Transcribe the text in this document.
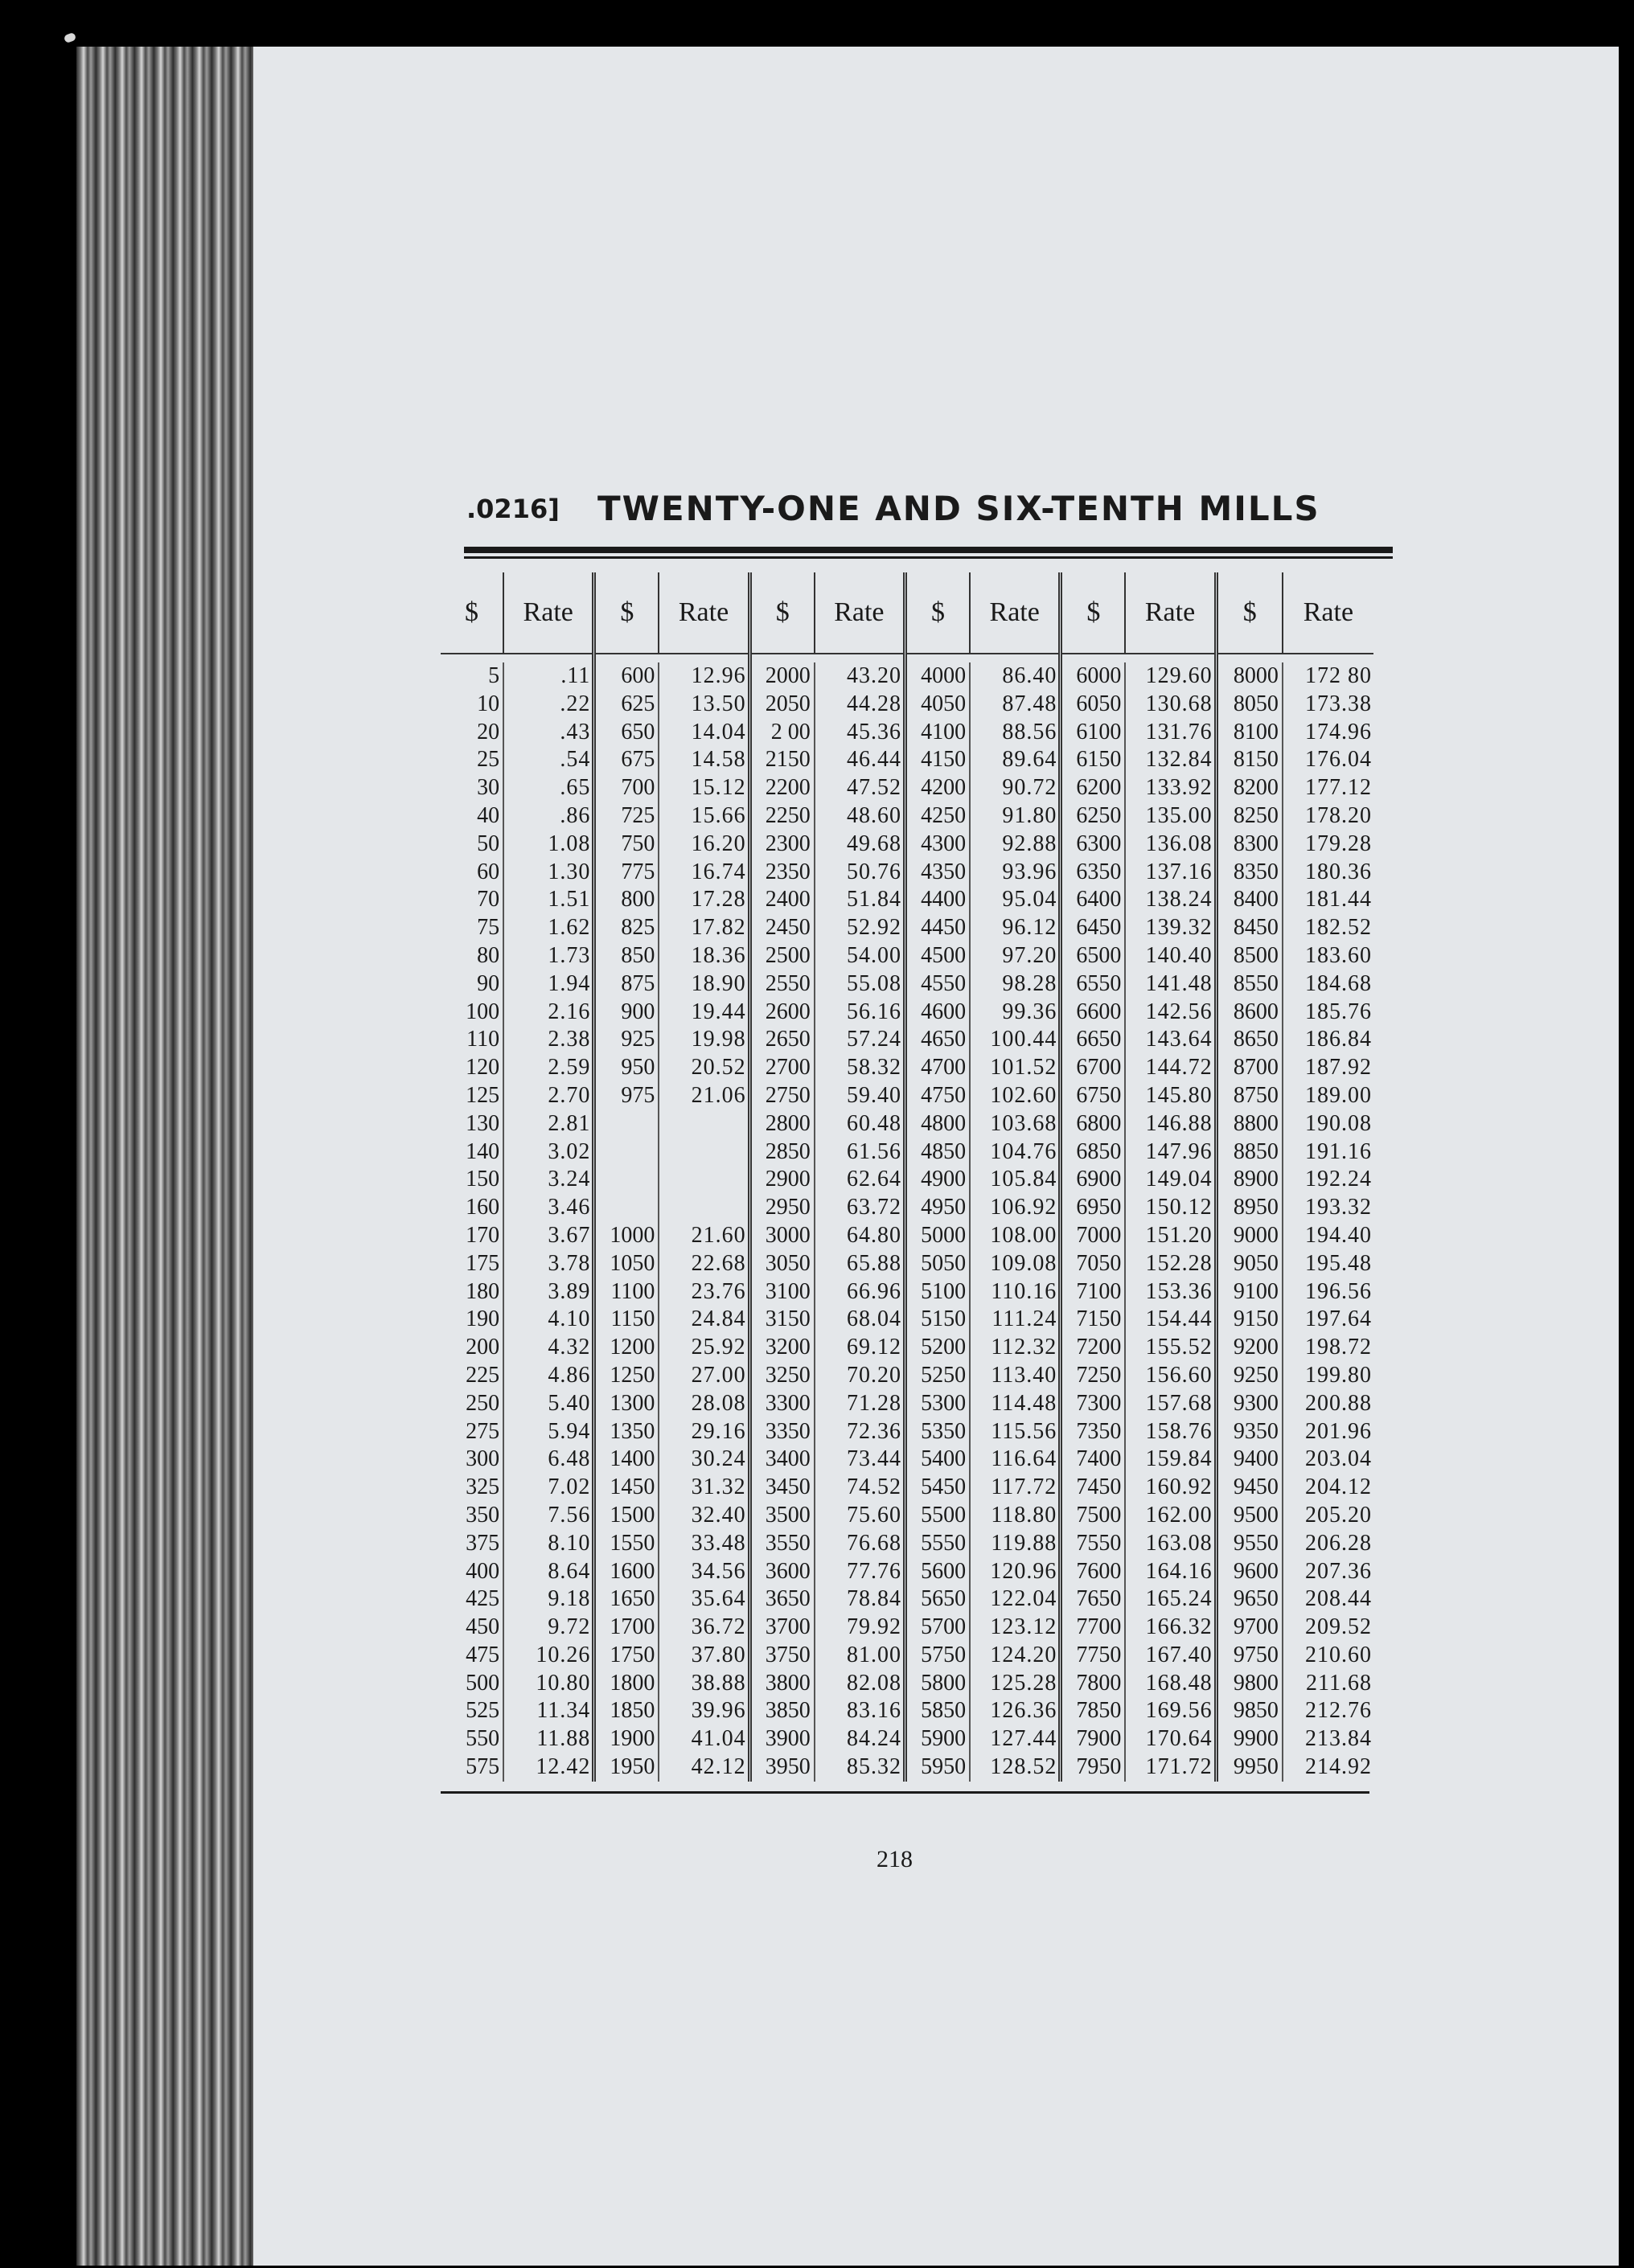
.0216] TWENTY-ONE AND SIX-TENTH MILLS
$	Rate
5	.11
10	.22
20	.43
25	.54
30	.65
40	.86
50	1.08
60	1.30
70	1.51
75	1.62
80	1.73
90	1.94
100	2.16
110	2.38
120	2.59
125	2.70
130	2.81
140	3.02
150	3.24
160	3.46
170	3.67
175	3.78
180	3.89
190	4.10
200	4.32
225	4.86
250	5.40
275	5.94
300	6.48
325	7.02
350	7.56
375	8.10
400	8.64
425	9.18
450	9.72
475	10.26
500	10.80
525	11.34
550	11.88
575	12.42
$	Rate
600	12.96
625	13.50
650	14.04
675	14.58
700	15.12
725	15.66
750	16.20
775	16.74
800	17.28
825	17.82
850	18.36
875	18.90
900	19.44
925	19.98
950	20.52
975	21.06
1000	21.60
1050	22.68
1100	23.76
1150	24.84
1200	25.92
1250	27.00
1300	28.08
1350	29.16
1400	30.24
1450	31.32
1500	32.40
1550	33.48
1600	34.56
1650	35.64
1700	36.72
1750	37.80
1800	38.88
1850	39.96
1900	41.04
1950	42.12
$	Rate
2000	43.20
2050	44.28
2 00	45.36
2150	46.44
2200	47.52
2250	48.60
2300	49.68
2350	50.76
2400	51.84
2450	52.92
2500	54.00
2550	55.08
2600	56.16
2650	57.24
2700	58.32
2750	59.40
2800	60.48
2850	61.56
2900	62.64
2950	63.72
3000	64.80
3050	65.88
3100	66.96
3150	68.04
3200	69.12
3250	70.20
3300	71.28
3350	72.36
3400	73.44
3450	74.52
3500	75.60
3550	76.68
3600	77.76
3650	78.84
3700	79.92
3750	81.00
3800	82.08
3850	83.16
3900	84.24
3950	85.32
$	Rate
4000	86.40
4050	87.48
4100	88.56
4150	89.64
4200	90.72
4250	91.80
4300	92.88
4350	93.96
4400	95.04
4450	96.12
4500	97.20
4550	98.28
4600	99.36
4650	100.44
4700	101.52
4750	102.60
4800	103.68
4850	104.76
4900	105.84
4950	106.92
5000	108.00
5050	109.08
5100	110.16
5150	111.24
5200	112.32
5250	113.40
5300	114.48
5350	115.56
5400	116.64
5450	117.72
5500	118.80
5550	119.88
5600	120.96
5650	122.04
5700	123.12
5750	124.20
5800	125.28
5850	126.36
5900	127.44
5950	128.52
$	Rate
6000	129.60
6050	130.68
6100	131.76
6150	132.84
6200	133.92
6250	135.00
6300	136.08
6350	137.16
6400	138.24
6450	139.32
6500	140.40
6550	141.48
6600	142.56
6650	143.64
6700	144.72
6750	145.80
6800	146.88
6850	147.96
6900	149.04
6950	150.12
7000	151.20
7050	152.28
7100	153.36
7150	154.44
7200	155.52
7250	156.60
7300	157.68
7350	158.76
7400	159.84
7450	160.92
7500	162.00
7550	163.08
7600	164.16
7650	165.24
7700	166.32
7750	167.40
7800	168.48
7850	169.56
7900	170.64
7950	171.72
$	Rate
8000	172 80
8050	173.38
8100	174.96
8150	176.04
8200	177.12
8250	178.20
8300	179.28
8350	180.36
8400	181.44
8450	182.52
8500	183.60
8550	184.68
8600	185.76
8650	186.84
8700	187.92
8750	189.00
8800	190.08
8850	191.16
8900	192.24
8950	193.32
9000	194.40
9050	195.48
9100	196.56
9150	197.64
9200	198.72
9250	199.80
9300	200.88
9350	201.96
9400	203.04
9450	204.12
9500	205.20
9550	206.28
9600	207.36
9650	208.44
9700	209.52
9750	210.60
9800	211.68
9850	212.76
9900	213.84
9950	214.92
218
